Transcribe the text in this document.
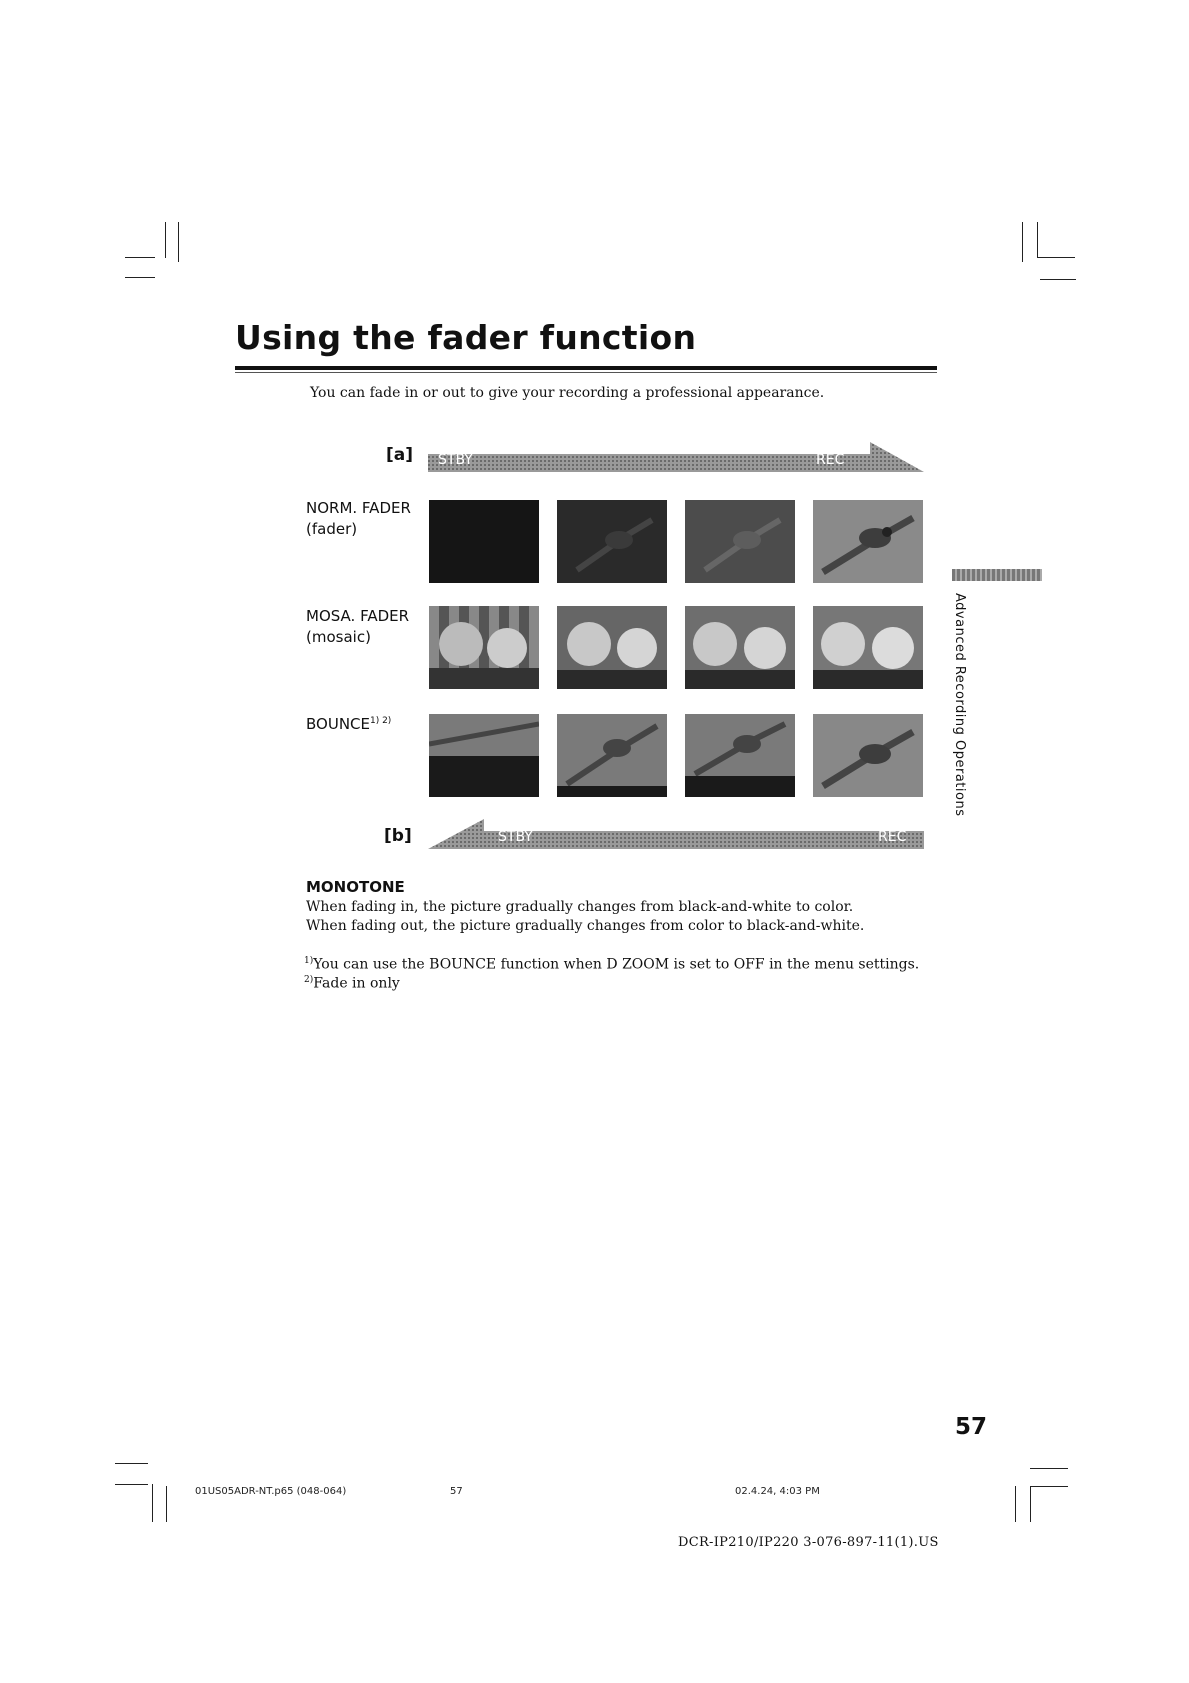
Using the fader function
You can fade in or out to give your recording a professional appearance.
[a] STBY	REC
NORM. FADER
(fader)
MOSA. FADER
(mosaic)
$BOUNCE^{1) 2)}$
[b]	STBY	REC
Advanced Recording Operations
MONOTONE
When fading in, the picture gradually changes from black-and-white to color.
When fading out, the picture gradually changes from color to black-and-white.
$^{1)}$You can use the BOUNCE function when D ZOOM is set to OFF in the menu settings.
$^{2)}$Fade in only
57
01US05ADR-NT.p65 (048-064)	57	02.4.24, 4:03 PM
DCR-IP210/IP220 3-076-897-11(1).US
